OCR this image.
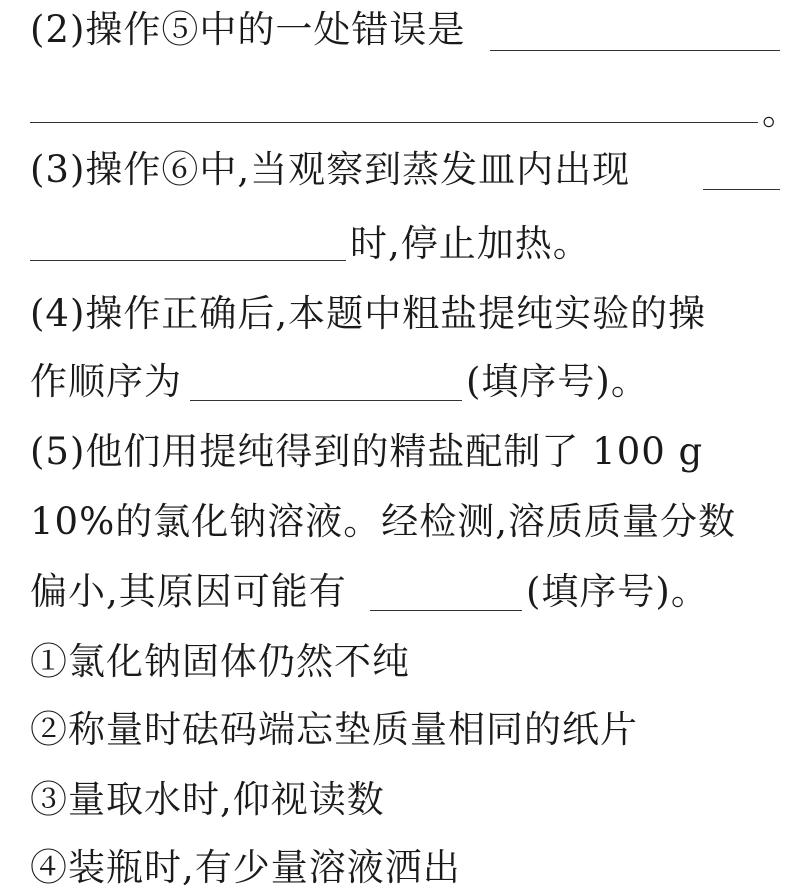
(2)操作⑤中的一处错误是
。
(3)操作⑥中,当观察到蒸发皿内出现
时,停止加热。
(4)操作正确后,本题中粗盐提纯实验的操
作顺序为	(填序号)。
(5)他们用提纯得到的精盐配制了 100 g
10%的氯化钠溶液。经检测,溶质质量分数
偏小,其原因可能有	(填序号)。
①氯化钠固体仍然不纯
②称量时砝码端忘垫质量相同的纸片
③量取水时,仰视读数
④装瓶时,有少量溶液洒出
